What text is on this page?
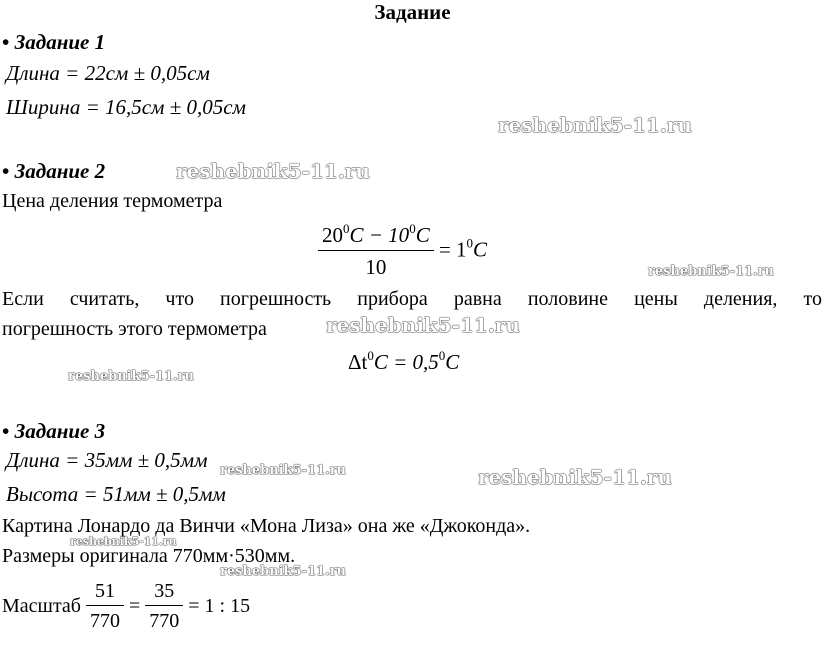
Задание
• Задание 1
Длина = 22см ± 0,05см
Ширина = 16,5см ± 0,05см
reshebnik5-11.ru
• Задание 2	reshebnik5-11.ru
Цена деления термометра
$\frac{20^0C - 10^0C}{10} = 1^0C$
reshebnik5-11.ru
Если считать, что погрешность прибора равна половине цены деления, то
погрешность этого термометра	reshebnik5-11.ru
$\Delta t^0C = 0,5^0C$
reshebnik5-11.ru
• Задание 3
Длина = 35мм ± 0,5мм reshebnik5-11.ru	reshebnik5-11.ru
Высота = 51мм ± 0,5мм
Картина Лонардо да Винчи «Мона Лиза» она же «Джоконда».
reshebnik5-11.ru
Размеры оригинала 770мм·530мм.
reshebnik5-11.ru
Масштаб $\frac{51}{770} = \frac{35}{770} = 1$ : 15
